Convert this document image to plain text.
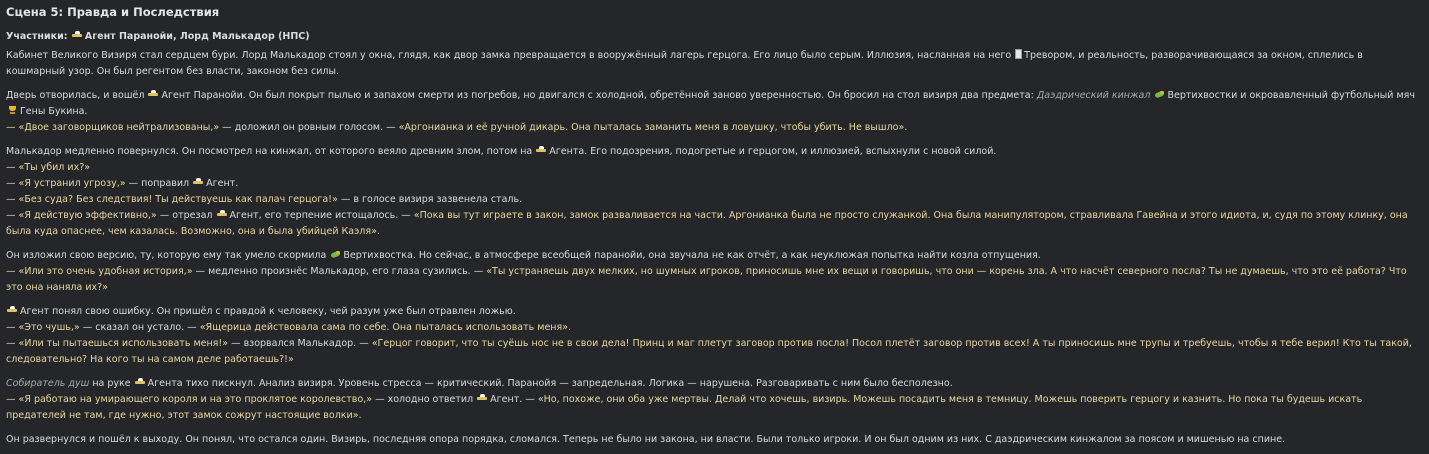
Сцена 5: Правда и Последствия
Участники: Агент Паранойи, Лорд Малькадор (НПС)

Кабинет Великого Визиря стал сердцем бури. Лорд Малькадор стоял у окна, глядя, как двор замка превращается в вооружённый лагерь герцога. Его лицо было серым. Иллюзия, насланная на него Тревором, и реальность, разворачивающаяся за окном, сплелись в кошмарный узор. Он был регентом без власти, законом без силы.

Дверь отворилась, и вошёл Агент Паранойи. Он был покрыт пылью и запахом смерти из погребов, но двигался с холодной, обретённой заново уверенностью. Он бросил на стол визиря два предмета: Даэдрический кинжал Вертихвостки и окровавленный футбольный мяч Гены Букина.
— «Двое заговорщиков нейтрализованы,» — доложил он ровным голосом. — «Аргонианка и её ручной дикарь. Она пыталась заманить меня в ловушку, чтобы убить. Не вышло».

Малькадор медленно повернулся. Он посмотрел на кинжал, от которого веяло древним злом, потом на Агента. Его подозрения, подогретые и герцогом, и иллюзией, вспыхнули с новой силой.
— «Ты убил их?»
— «Я устранил угрозу,» — поправил Агент.
— «Без суда? Без следствия! Ты действуешь как палач герцога!» — в голосе визиря зазвенела сталь.
— «Я действую эффективно,» — отрезал Агент, его терпение истощалось. — «Пока вы тут играете в закон, замок разваливается на части. Аргонианка была не просто служанкой. Она была манипулятором, стравливала Гавейна и этого идиота, и, судя по этому клинку, она была куда опаснее, чем казалась. Возможно, она и была убийцей Каэля».

Он изложил свою версию, ту, которую ему так умело скормила Вертихвостка. Но сейчас, в атмосфере всеобщей паранойи, она звучала не как отчёт, а как неуклюжая попытка найти козла отпущения.
— «Или это очень удобная история,» — медленно произнёс Малькадор, его глаза сузились. — «Ты устраняешь двух мелких, но шумных игроков, приносишь мне их вещи и говоришь, что они — корень зла. А что насчёт северного посла? Ты не думаешь, что это её работа? Что это она наняла их?»

Агент понял свою ошибку. Он пришёл с правдой к человеку, чей разум уже был отравлен ложью.
— «Это чушь,» — сказал он устало. — «Ящерица действовала сама по себе. Она пыталась использовать меня».
— «Или ты пытаешься использовать меня!» — взорвался Малькадор. — «Герцог говорит, что ты суёшь нос не в свои дела! Принц и маг плетут заговор против посла! Посол плетёт заговор против всех! А ты приносишь мне трупы и требуешь, чтобы я тебе верил! Кто ты такой, следовательно? На кого ты на самом деле работаешь?!»

Собиратель душ на руке Агента тихо пискнул. Анализ визиря. Уровень стресса — критический. Паранойя — запредельная. Логика — нарушена. Разговаривать с ним было бесполезно.
— «Я работаю на умирающего короля и на это проклятое королевство,» — холодно ответил Агент. — «Но, похоже, они оба уже мертвы. Делай что хочешь, визирь. Можешь посадить меня в темницу. Можешь поверить герцогу и казнить. Но пока ты будешь искать предателей не там, где нужно, этот замок сожрут настоящие волки».

Он развернулся и пошёл к выходу. Он понял, что остался один. Визирь, последняя опора порядка, сломался. Теперь не было ни закона, ни власти. Были только игроки. И он был одним из них. С даэдрическим кинжалом за поясом и мишенью на спине.
